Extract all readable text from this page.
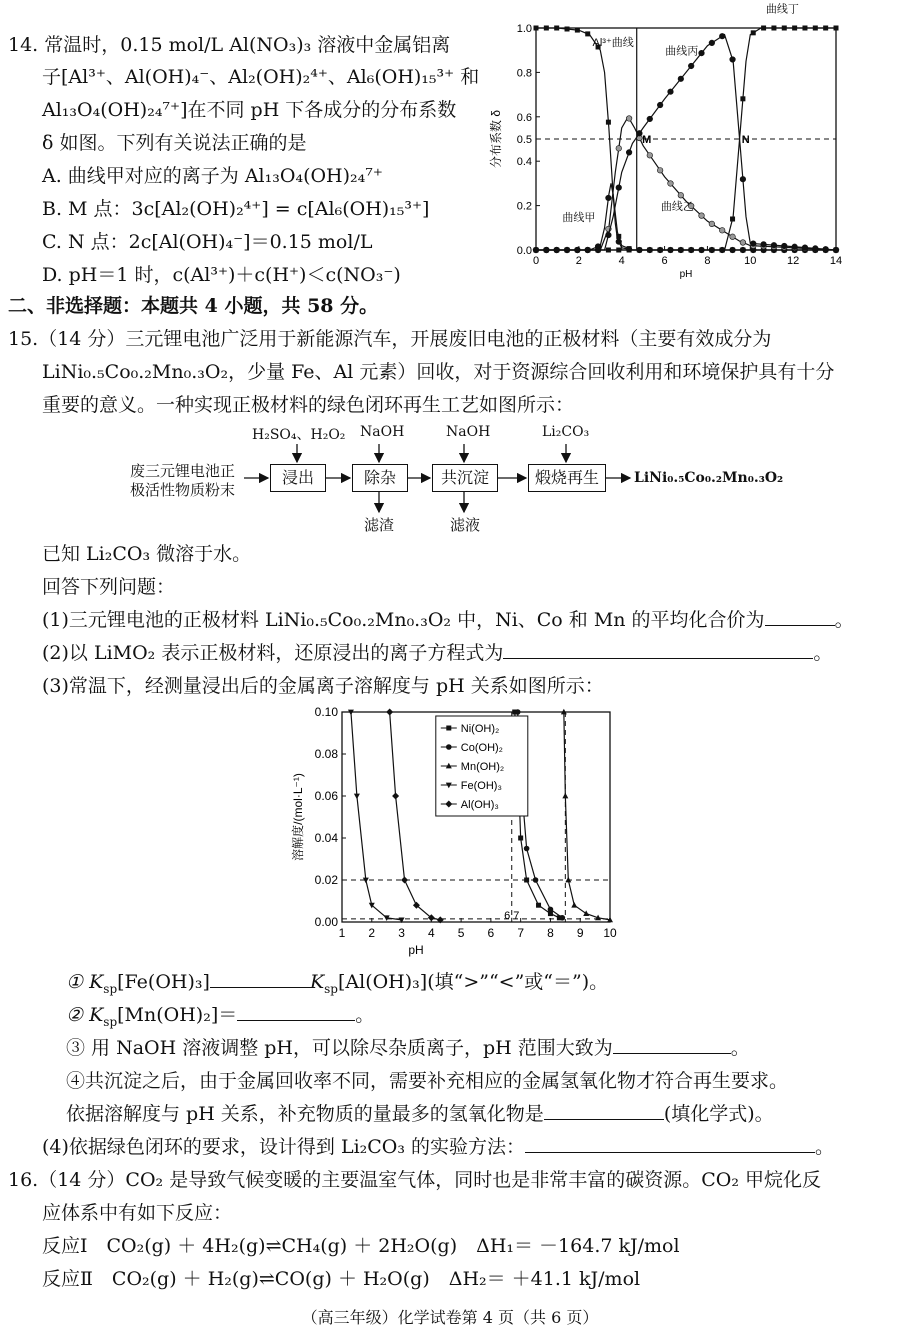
14. 常温时，0.15 mol/L Al(NO₃)₃ 溶液中金属铝离
子[Al³⁺、Al(OH)₄⁻、Al₂(OH)₂⁴⁺、Al₆(OH)₁₅³⁺ 和
Al₁₃O₄(OH)₂₄⁷⁺]在不同 pH 下各成分的分布系数
δ 如图。下列有关说法正确的是
A. 曲线甲对应的离子为 Al₁₃O₄(OH)₂₄⁷⁺
B. M 点：3c[Al₂(OH)₂⁴⁺] = c[Al₆(OH)₁₅³⁺]
C. N 点：2c[Al(OH)₄⁻]＝0.15 mol/L
D. pH＝1 时，c(Al³⁺)＋c(H⁺)＜c(NO₃⁻)
0	2	4	6	8	10	12	14
0.0
0.2
0.4
0.5
0.6
0.8
1.0
pH
分布系数 δ
Al³⁺曲线
曲线甲
曲线乙
曲线丙
曲线丁
M	N
二、非选择题：本题共 4 小题，共 58 分。
15.（14 分）三元锂电池广泛用于新能源汽车，开展废旧电池的正极材料（主要有效成分为
LiNi₀.₅Co₀.₂Mn₀.₃O₂，少量 Fe、Al 元素）回收，对于资源综合回收利用和环境保护具有十分
重要的意义。一种实现正极材料的绿色闭环再生工艺如图所示：
废三元锂电池正
极活性物质粉末
浸出	除杂	共沉淀	煅烧再生
H₂SO₄、H₂O₂ NaOH	NaOH	Li₂CO₃
滤渣	滤液
LiNi₀.₅Co₀.₂Mn₀.₃O₂
已知 Li₂CO₃ 微溶于水。
回答下列问题：
(1)三元锂电池的正极材料 LiNi₀.₅Co₀.₂Mn₀.₃O₂ 中，Ni、Co 和 Mn 的平均化合价为	。
(2)以 LiMO₂ 表示正极材料，还原浸出的离子方程式为	。
(3)常温下，经测量浸出后的金属离子溶解度与 pH 关系如图所示：
1 2 3 4 5 6 7 8 9 10
0.00
0.02
0.04
0.06
0.08
0.10
pH
溶解度/(mol·L⁻¹)
6.7
Ni(OH)₂
Co(OH)₂
Mn(OH)₂
Fe(OH)₃
Al(OH)₃
① $K_{sp}[Fe(OH)_3]$	$K_{sp}[Al(OH)_3]$(填“>”“<”或“＝”)。
② $K_{sp}[Mn(OH)_2]=$	。
③ 用 NaOH 溶液调整 pH，可以除尽杂质离子，pH 范围大致为	。
④共沉淀之后，由于金属回收率不同，需要补充相应的金属氢氧化物才符合再生要求。
依据溶解度与 pH 关系，补充物质的量最多的氢氧化物是	(填化学式)。
(4)依据绿色闭环的要求，设计得到 Li₂CO₃ 的实验方法：	。
16.（14 分）CO₂ 是导致气候变暖的主要温室气体，同时也是非常丰富的碳资源。CO₂ 甲烷化反
应体系中有如下反应：
反应Ⅰ　CO₂(g) ＋ 4H₂(g)⇌CH₄(g) ＋ 2H₂O(g)　ΔH₁＝ －164.7 kJ/mol
反应Ⅱ　CO₂(g) ＋ H₂(g)⇌CO(g) ＋ H₂O(g)　ΔH₂＝ ＋41.1 kJ/mol
（高三年级）化学试卷第 4 页（共 6 页）
